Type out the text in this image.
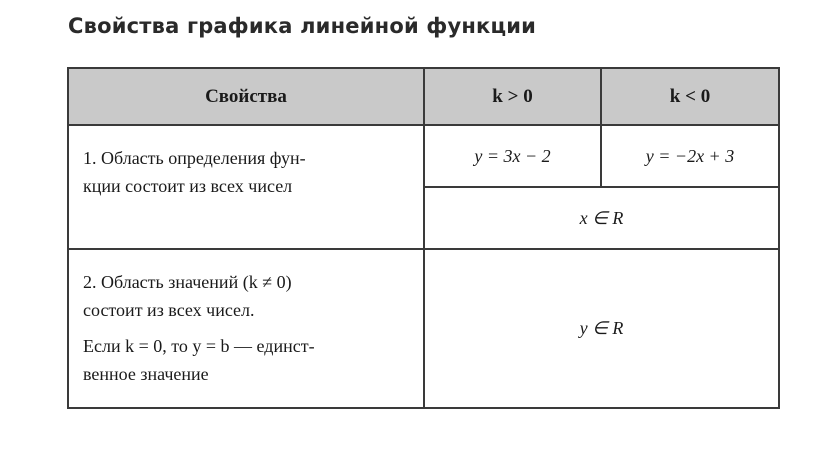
Свойства графика линейной функции
Свойства	k > 0	k < 0

1. Область определения фун-

кции состоит из всех чисел	y = 3x − 2	y = −2x + 3
	x ∈ R	

2. Область значений (k ≠ 0)

состоит из всех чисел.

Если k = 0, то y = b — единст-

венное значение	y ∈ R	
